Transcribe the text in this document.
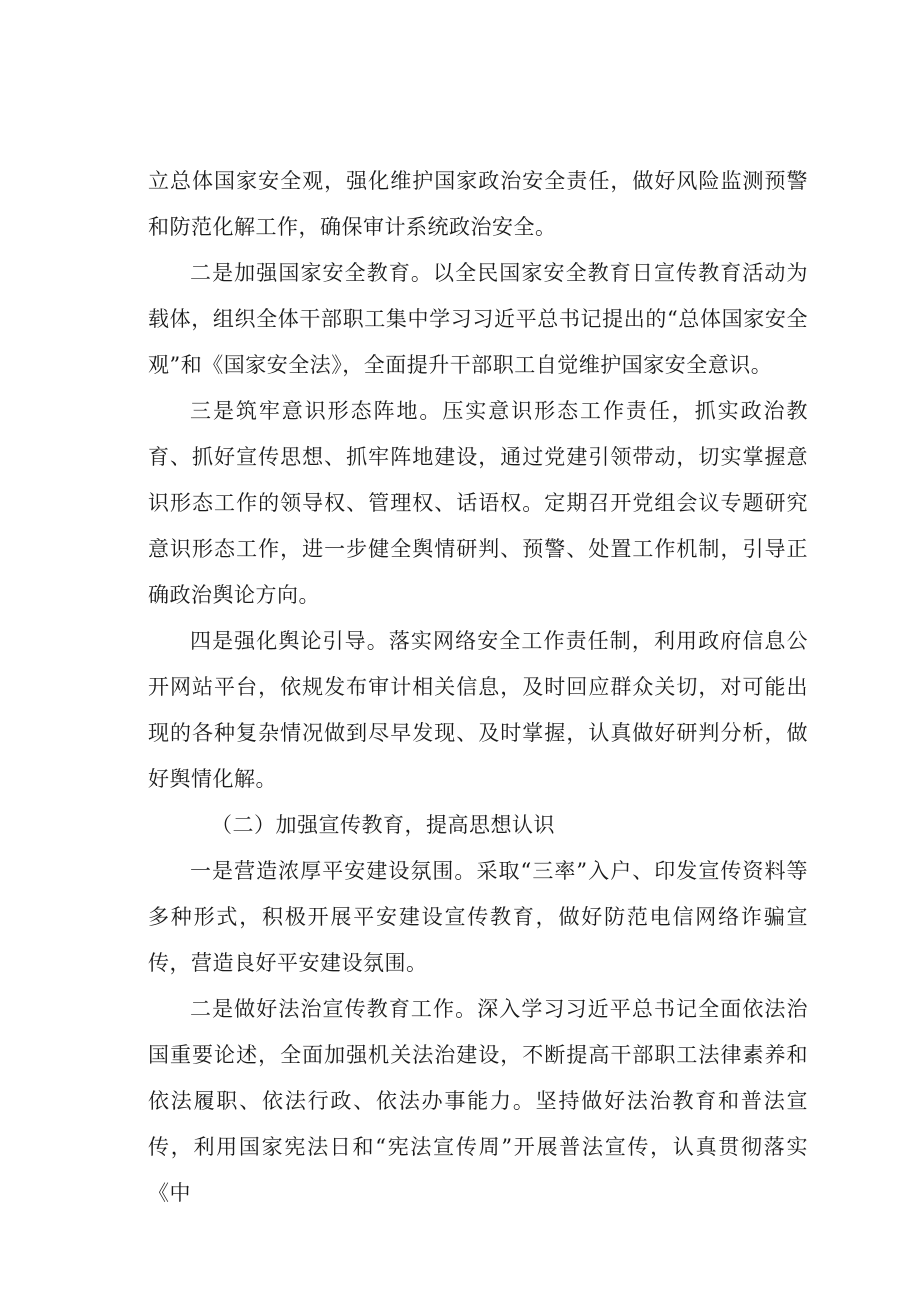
立总体国家安全观，强化维护国家政治安全责任，做好风险监测预警和防范化解工作，确保审计系统政治安全。

二是加强国家安全教育。以全民国家安全教育日宣传教育活动为载体，组织全体干部职工集中学习习近平总书记提出的“总体国家安全观”和《国家安全法》，全面提升干部职工自觉维护国家安全意识。

三是筑牢意识形态阵地。压实意识形态工作责任，抓实政治教育、抓好宣传思想、抓牢阵地建设，通过党建引领带动，切实掌握意识形态工作的领导权、管理权、话语权。定期召开党组会议专题研究意识形态工作，进一步健全舆情研判、预警、处置工作机制，引导正确政治舆论方向。

四是强化舆论引导。落实网络安全工作责任制，利用政府信息公开网站平台，依规发布审计相关信息，及时回应群众关切，对可能出现的各种复杂情况做到尽早发现、及时掌握，认真做好研判分析，做好舆情化解。

（二）加强宣传教育，提高思想认识

一是营造浓厚平安建设氛围。采取“三率”入户、印发宣传资料等多种形式，积极开展平安建设宣传教育，做好防范电信网络诈骗宣传，营造良好平安建设氛围。

二是做好法治宣传教育工作。深入学习习近平总书记全面依法治国重要论述，全面加强机关法治建设，不断提高干部职工法律素养和依法履职、依法行政、依法办事能力。坚持做好法治教育和普法宣传，利用国家宪法日和“宪法宣传周”开展普法宣传，认真贯彻落实《中
